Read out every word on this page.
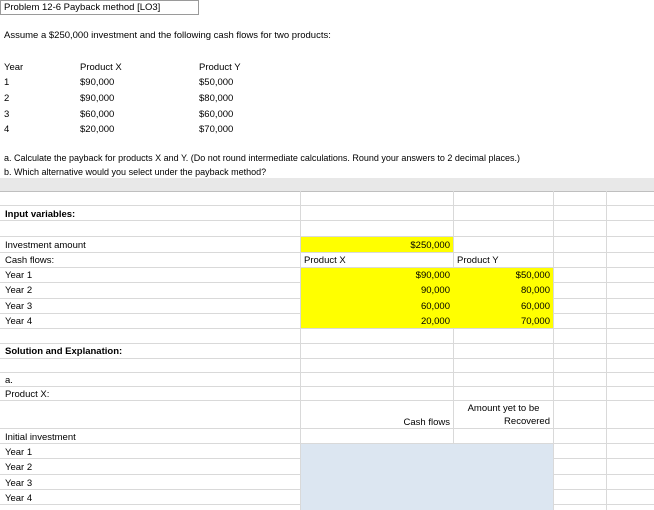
Problem 12-6 Payback method [LO3]
Assume a $250,000 investment and the following cash flows for two products:
Year	Product X	Product Y
1	$90,000	$50,000
2	$90,000	$80,000
3	$60,000	$60,000
4	$20,000	$70,000
a. Calculate the payback for products X and Y. (Do not round intermediate calculations. Round your answers to 2 decimal places.)
b. Which alternative would you select under the payback method?
Input variables:
Investment amount	$250,000
Cash flows:	Product X	Product Y
Year 1	$90,000	$50,000
Year 2	90,000	80,000
Year 3	60,000	60,000
Year 4	20,000	70,000
Solution and Explanation:
a.
Product X:
Cash flows
Amount yet to be
Recovered
Initial investment
Year 1
Year 2
Year 3
Year 4
